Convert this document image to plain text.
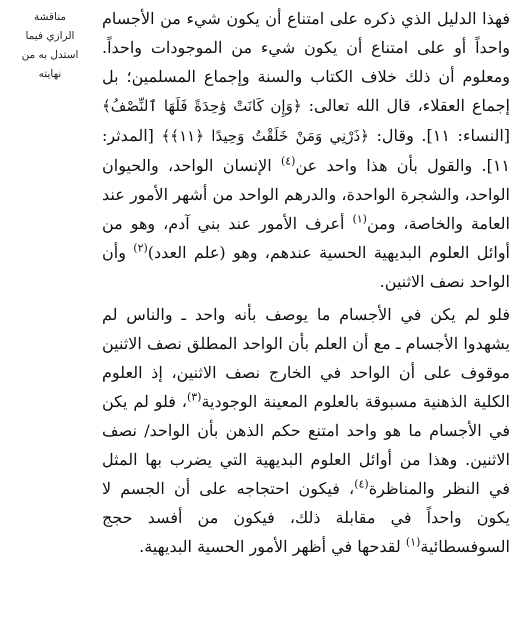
مناقشة
الرازي فيما
استدل به من
نهايته

فهذا الدليل الذي ذكره على امتناع أن يكون شيء من الأجسام واحداً أو على امتناع أن يكون شيء من الموجودات واحداً. ومعلوم أن ذلك خلاف الكتاب والسنة وإجماع المسلمين؛ بل إجماع العقلاء، قال الله تعالى: ﴿وَإِن كَانَتْ وَٰحِدَةً فَلَهَا ٱلنِّصْفُ﴾ [النساء: ١١]. وقال: ﴿ذَرْنِي وَمَنْ خَلَقْتُ وَحِيدًا ﴿١١﴾﴾ [المدثر: ١١]. والقول بأن هذا واحد عن$^{(٤)}$ الإنسان الواحد، والحيوان الواحد، والشجرة الواحدة، والدرهم الواحد من أشهر الأمور عند العامة والخاصة، ومن$^{(١)}$ أعرف الأمور عند بني آدم، وهو من أوائل العلوم البديهية الحسية عندهم، وهو (علم العدد)$^{(٢)}$ وأن الواحد نصف الاثنين.

فلو لم يكن في الأجسام ما يوصف بأنه واحد ـ والناس لم يشهدوا الأجسام ـ مع أن العلم بأن الواحد المطلق نصف الاثنين موقوف على أن الواحد في الخارج نصف الاثنين، إذ العلوم الكلية الذهنية مسبوقة بالعلوم المعينة الوجودية$^{(٣)}$، فلو لم يكن في الأجسام ما هو واحد امتنع حكم الذهن بأن الواحد/ نصف الاثنين. وهذا من أوائل العلوم البديهية التي يضرب بها المثل في النظر والمناظرة$^{(٤)}$، فيكون احتجاجه على أن الجسم لا يكون واحداً في مقابلة ذلك، فيكون من أفسد حجج السوفسطائية$^{(١)}$ لقدحها في أظهر الأمور الحسية البديهية.
